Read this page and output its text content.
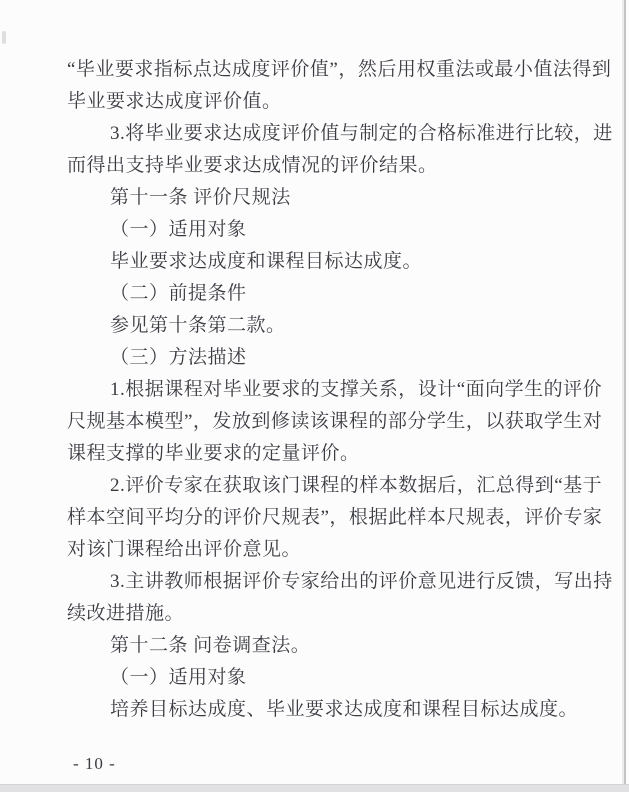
“毕业要求指标点达成度评价值”，然后用权重法或最小值法得到
毕业要求达成度评价值。
3.将毕业要求达成度评价值与制定的合格标准进行比较，进
而得出支持毕业要求达成情况的评价结果。
第十一条 评价尺规法
（一）适用对象
毕业要求达成度和课程目标达成度。
（二）前提条件
参见第十条第二款。
（三）方法描述
1.根据课程对毕业要求的支撑关系，设计“面向学生的评价
尺规基本模型”，发放到修读该课程的部分学生，以获取学生对
课程支撑的毕业要求的定量评价。
2.评价专家在获取该门课程的样本数据后，汇总得到“基于
样本空间平均分的评价尺规表”，根据此样本尺规表，评价专家
对该门课程给出评价意见。
3.主讲教师根据评价专家给出的评价意见进行反馈，写出持
续改进措施。
第十二条 问卷调查法。
（一）适用对象
培养目标达成度、毕业要求达成度和课程目标达成度。
- 10 -
